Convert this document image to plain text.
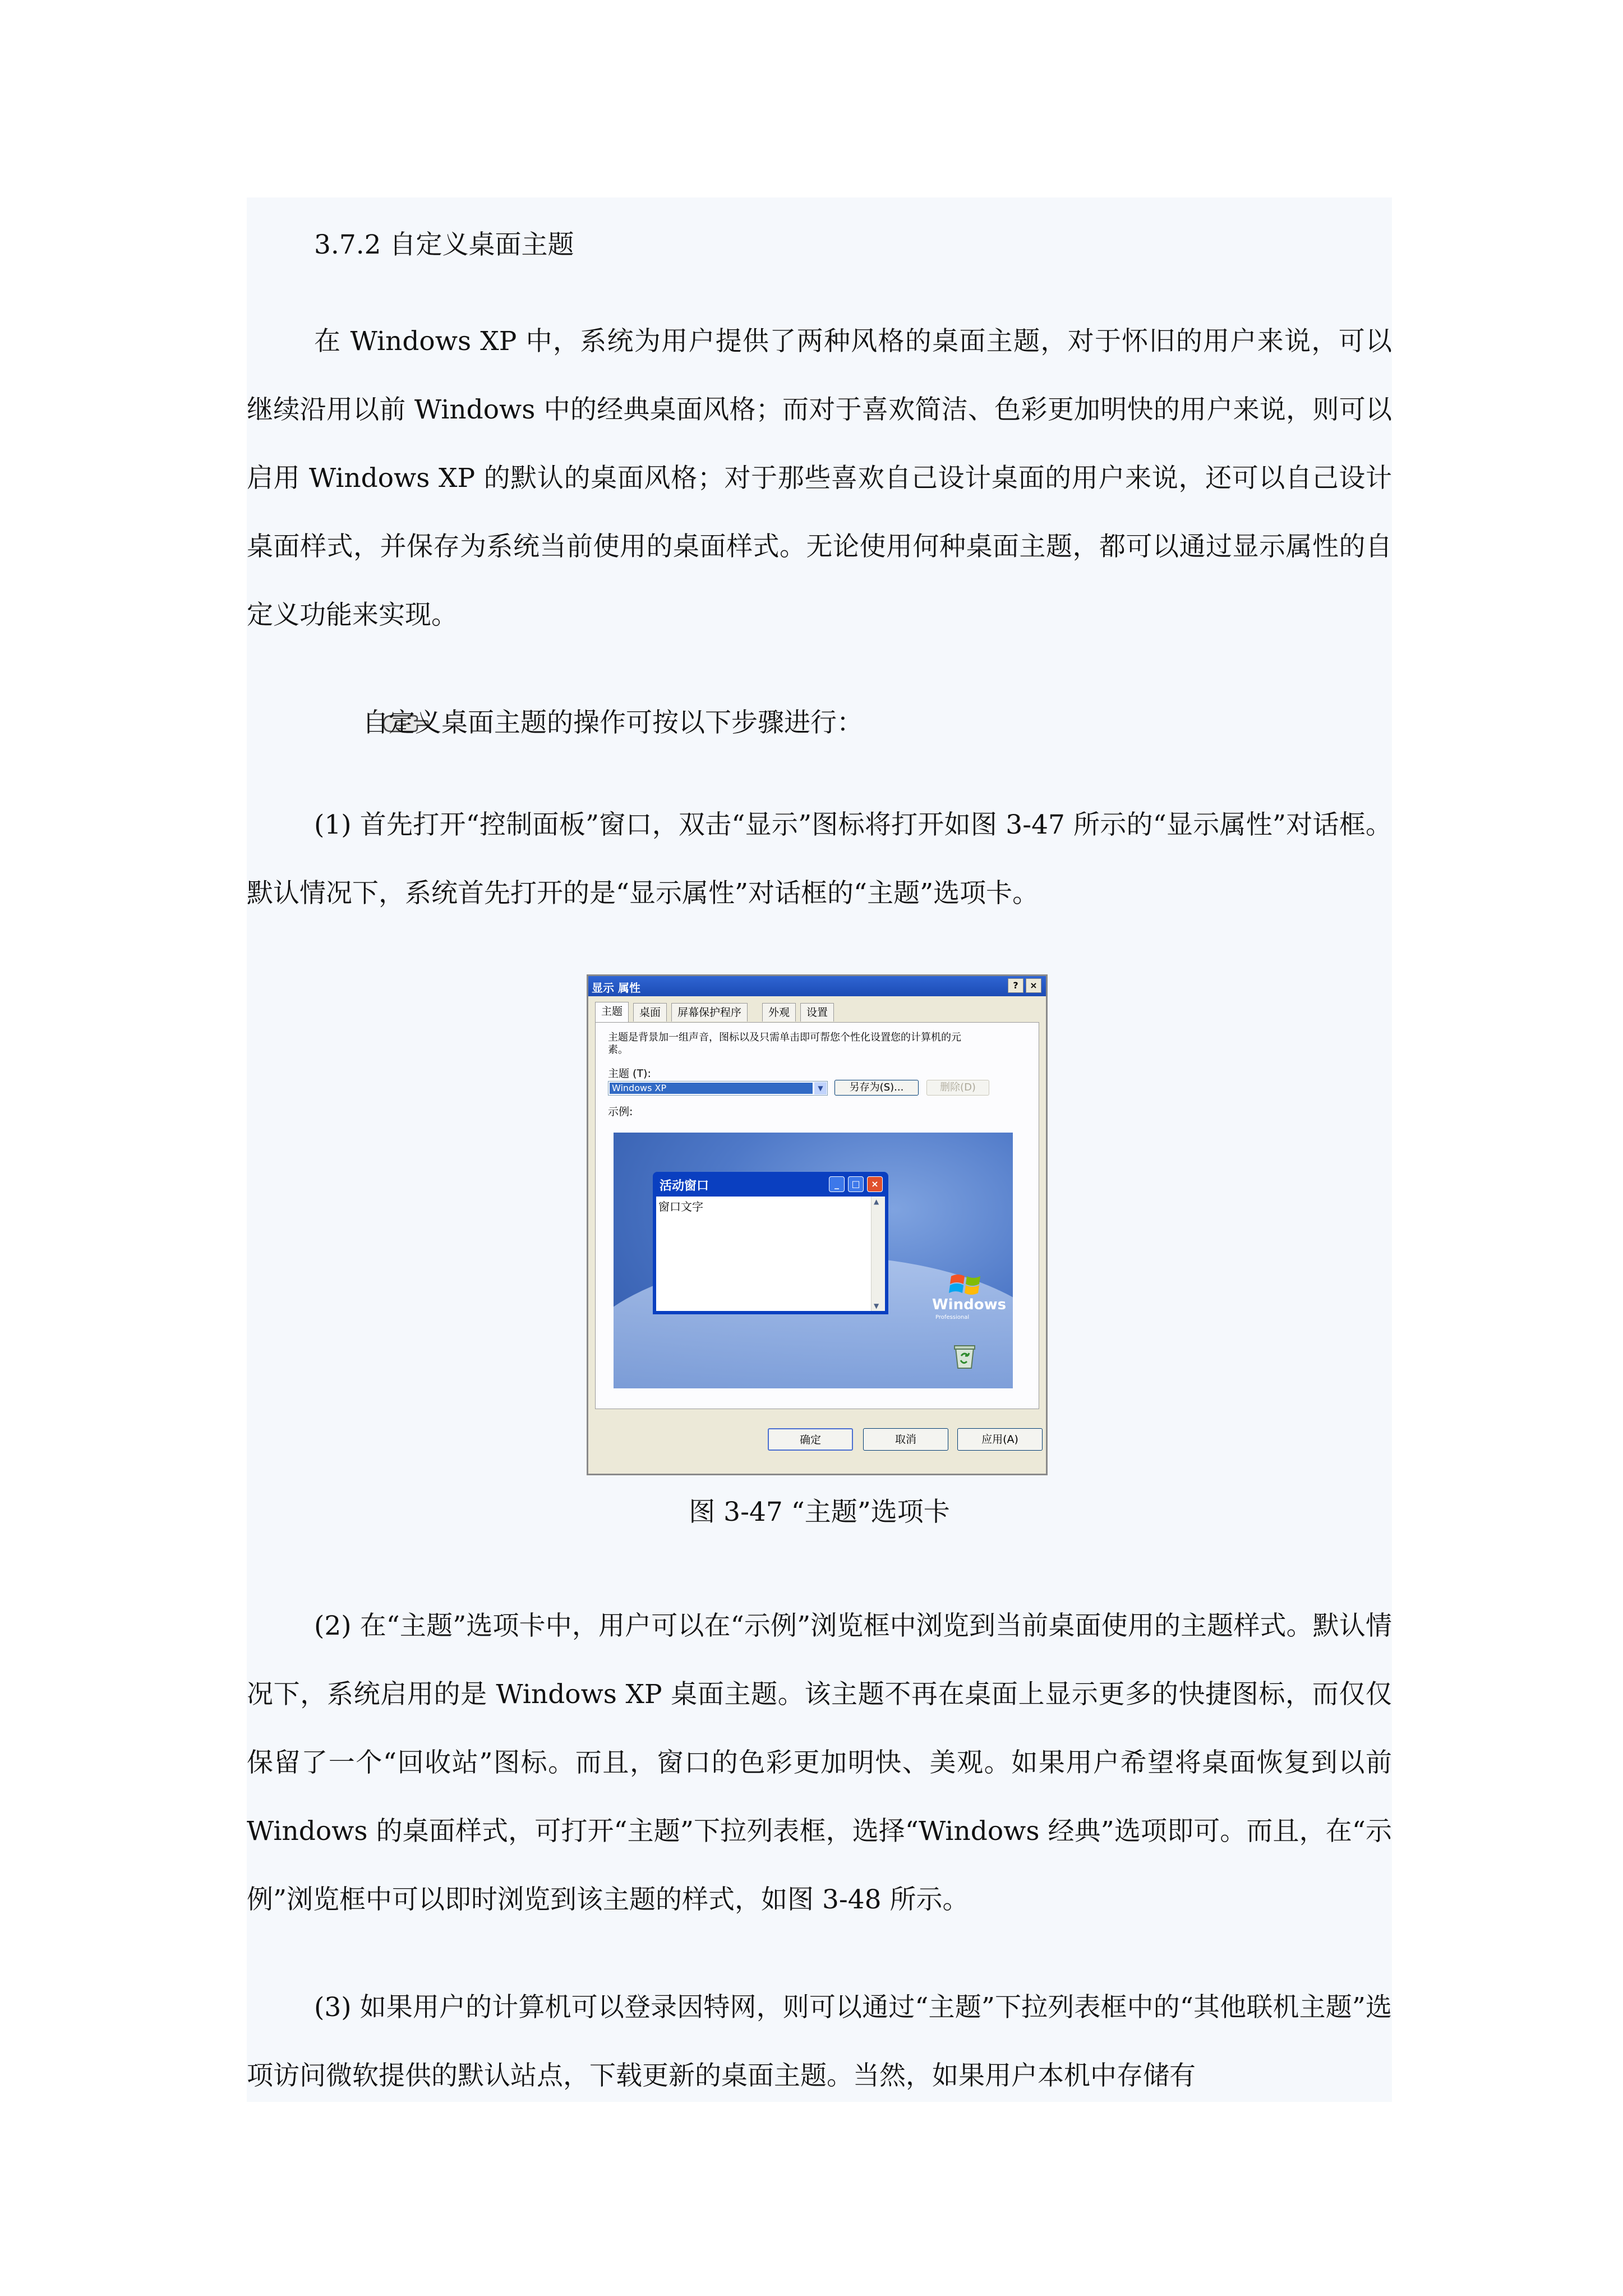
3.7.2 自定义桌面主题

在 Windows XP 中，系统为用户提供了两种风格的桌面主题，对于怀旧的用户来说，可以继续沿用以前 Windows 中的经典桌面风格；而对于喜欢简洁、色彩更加明快的用户来说，则可以启用 Windows XP 的默认的桌面风格；对于那些喜欢自己设计桌面的用户来说，还可以自己设计桌面样式，并保存为系统当前使用的桌面样式。无论使用何种桌面主题，都可以通过显示属性的自定义功能来实现。

自定义桌面主题的操作可按以下步骤进行：

(1) 首先打开“控制面板”窗口，双击“显示”图标将打开如图 3-47 所示的“显示属性”对话框。默认情况下，系统首先打开的是“显示属性”对话框的“主题”选项卡。

显示 属性	?	×
主题	桌面	屏幕保护程序	外观	设置
主题是背景加一组声音，图标以及只需单击即可帮您个性化设置您的计算机的元素。
主题 (T):
Windows XP	▼	另存为(S)...	删除(D)
示例:
活动窗口	_	□	×
窗口文字	▲
▼	Windows
Professional
确定	取消	应用(A)

图 3-47 “主题”选项卡

(2) 在“主题”选项卡中，用户可以在“示例”浏览框中浏览到当前桌面使用的主题样式。默认情况下，系统启用的是 Windows XP 桌面主题。该主题不再在桌面上显示更多的快捷图标，而仅仅保留了一个“回收站”图标。而且，窗口的色彩更加明快、美观。如果用户希望将桌面恢复到以前 Windows 的桌面样式，可打开“主题”下拉列表框，选择“Windows 经典”选项即可。而且，在“示例”浏览框中可以即时浏览到该主题的样式，如图 3-48 所示。

(3) 如果用户的计算机可以登录因特网，则可以通过“主题”下拉列表框中的“其他联机主题”选项访问微软提供的默认站点，下载更新的桌面主题。当然，如果用户本机中存储有
